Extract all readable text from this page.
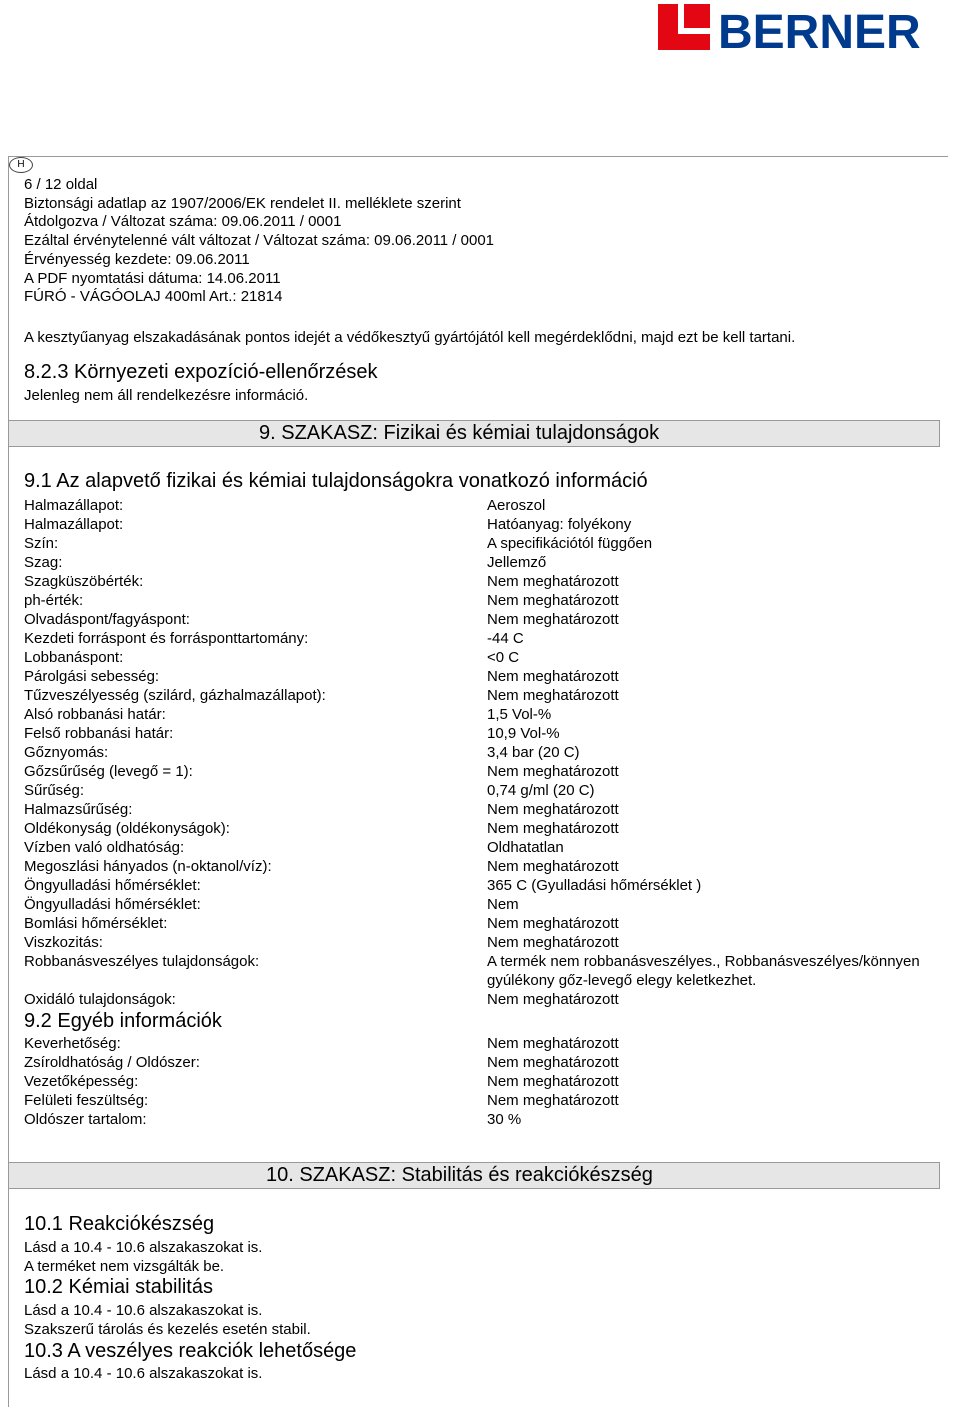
BERNER
H
6 / 12 oldal
Biztonsági adatlap az 1907/2006/EK rendelet II. melléklete szerint
Átdolgozva / Változat száma: 09.06.2011 / 0001
Ezáltal érvénytelenné vált változat / Változat száma: 09.06.2011 / 0001
Érvényesség kezdete: 09.06.2011
A PDF nyomtatási dátuma: 14.06.2011
FÚRÓ - VÁGÓOLAJ 400ml Art.: 21814
A kesztyűanyag elszakadásának pontos idejét a védőkesztyű gyártójától kell megérdeklődni, majd ezt be kell tartani.
8.2.3 Környezeti expozíció-ellenőrzések
Jelenleg nem áll rendelkezésre információ.
9. SZAKASZ: Fizikai és kémiai tulajdonságok
9.1 Az alapvető fizikai és kémiai tulajdonságokra vonatkozó információ
Halmazállapot:	Aeroszol
Halmazállapot:	Hatóanyag: folyékony
Szín:	A specifikációtól függően
Szag:	Jellemző
Szagküszöbérték:	Nem meghatározott
ph-érték:	Nem meghatározott
Olvadáspont/fagyáspont:	Nem meghatározott
Kezdeti forráspont és forrásponttartomány:	-44 C
Lobbanáspont:	<0 C
Párolgási sebesség:	Nem meghatározott
Tűzveszélyesség (szilárd, gázhalmazállapot):	Nem meghatározott
Alsó robbanási határ:	1,5 Vol-%
Felső robbanási határ:	10,9 Vol-%
Gőznyomás:	3,4 bar (20 C)
Gőzsűrűség (levegő = 1):	Nem meghatározott
Sűrűség:	0,74 g/ml (20 C)
Halmazsűrűség:	Nem meghatározott
Oldékonyság (oldékonyságok):	Nem meghatározott
Vízben való oldhatóság:	Oldhatatlan
Megoszlási hányados (n-oktanol/víz):	Nem meghatározott
Öngyulladási hőmérséklet:	365 C (Gyulladási hőmérséklet )
Öngyulladási hőmérséklet:	Nem
Bomlási hőmérséklet:	Nem meghatározott
Viszkozitás:	Nem meghatározott
Robbanásveszélyes tulajdonságok:	A termék nem robbanásveszélyes., Robbanásveszélyes/könnyen gyúlékony gőz-levegő elegy keletkezhet.
Oxidáló tulajdonságok:	Nem meghatározott
9.2 Egyéb információk
Keverhetőség:	Nem meghatározott
Zsíroldhatóság / Oldószer:	Nem meghatározott
Vezetőképesség:	Nem meghatározott
Felületi feszültség:	Nem meghatározott
Oldószer tartalom:	30 %
10. SZAKASZ: Stabilitás és reakciókészség
10.1 Reakciókészség
Lásd a 10.4 - 10.6 alszakaszokat is.
A terméket nem vizsgálták be.
10.2 Kémiai stabilitás
Lásd a 10.4 - 10.6 alszakaszokat is.
Szakszerű tárolás és kezelés esetén stabil.
10.3 A veszélyes reakciók lehetősége
Lásd a 10.4 - 10.6 alszakaszokat is.
